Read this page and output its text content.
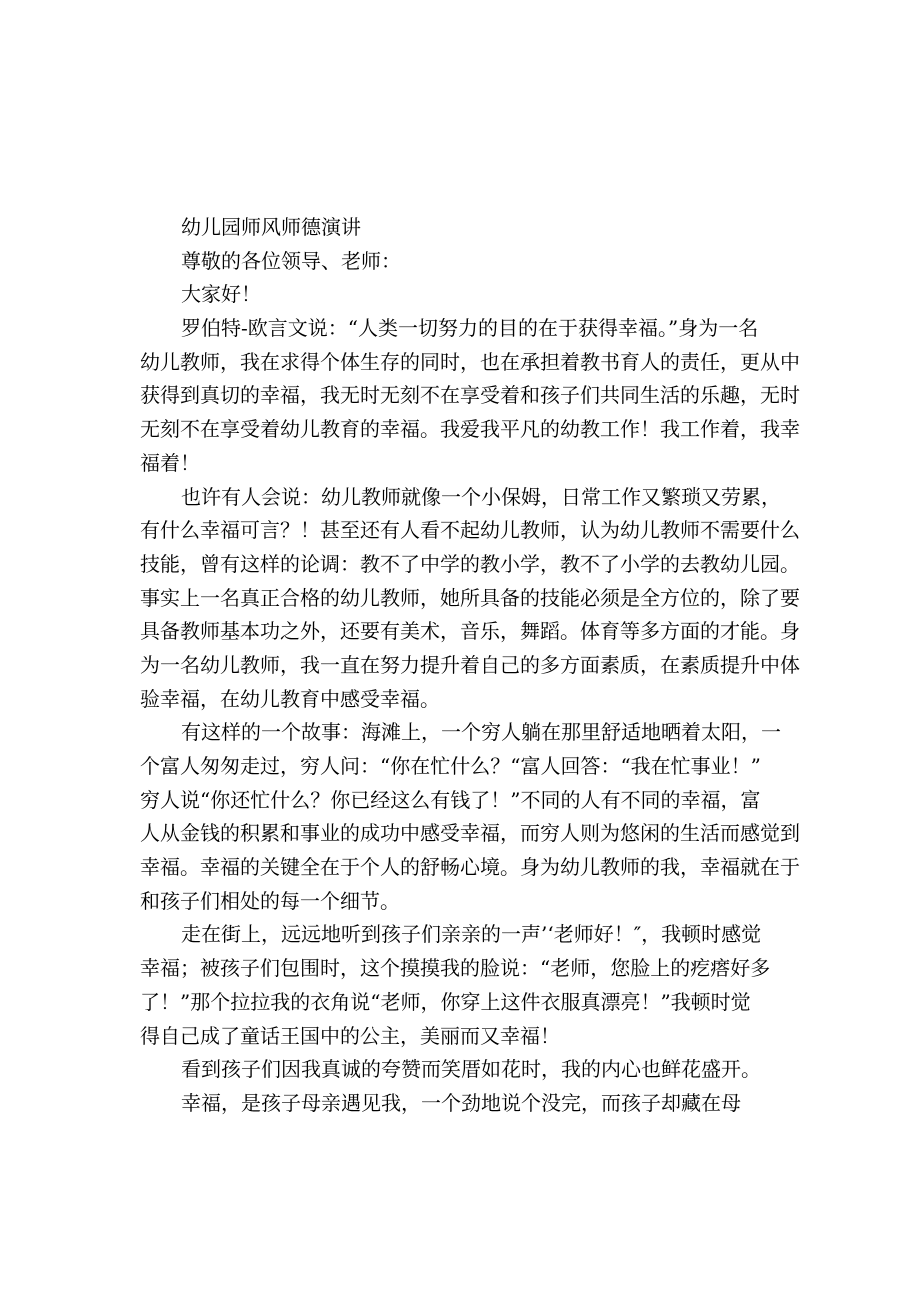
幼儿园师风师德演讲
尊敬的各位领导、老师：
大家好！
罗伯特-欧言文说：“人类一切努力的目的在于获得幸福。”身为一名
幼儿教师，我在求得个体生存的同时，也在承担着教书育人的责任，更从中
获得到真切的幸福，我无时无刻不在享受着和孩子们共同生活的乐趣，无时
无刻不在享受着幼儿教育的幸福。我爱我平凡的幼教工作！我工作着，我幸
福着！
也许有人会说：幼儿教师就像一个小保姆，日常工作又繁琐又劳累，
有什么幸福可言？！甚至还有人看不起幼儿教师，认为幼儿教师不需要什么
技能，曾有这样的论调：教不了中学的教小学，教不了小学的去教幼儿园。
事实上一名真正合格的幼儿教师，她所具备的技能必须是全方位的，除了要
具备教师基本功之外，还要有美术，音乐，舞蹈。体育等多方面的才能。身
为一名幼儿教师，我一直在努力提升着自己的多方面素质，在素质提升中体
验幸福，在幼儿教育中感受幸福。
有这样的一个故事：海滩上，一个穷人躺在那里舒适地晒着太阳，一
个富人匆匆走过，穷人问：“你在忙什么？“富人回答：“我在忙事业！”
穷人说“你还忙什么？你已经这么有钱了！”不同的人有不同的幸福，富
人从金钱的积累和事业的成功中感受幸福，而穷人则为悠闲的生活而感觉到
幸福。幸福的关键全在于个人的舒畅心境。身为幼儿教师的我，幸福就在于
和孩子们相处的每一个细节。
走在街上，远远地听到孩子们亲亲的一声’‘老师好！″，我顿时感觉
幸福；被孩子们包围时，这个摸摸我的脸说：“老师，您脸上的疙瘩好多
了！”那个拉拉我的衣角说“老师，你穿上这件衣服真漂亮！”我顿时觉
得自己成了童话王国中的公主，美丽而又幸福！
看到孩子们因我真诚的夸赞而笑厝如花时，我的内心也鲜花盛开。
幸福，是孩子母亲遇见我，一个劲地说个没完，而孩子却藏在母
